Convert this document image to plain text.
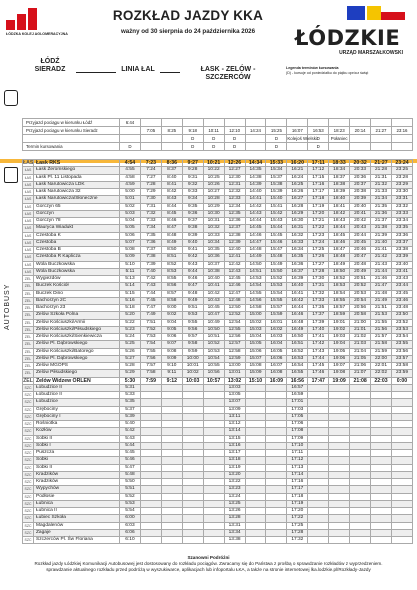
ŁÓDZKA KOLEJ AGLOMERACYJNA
ROZKŁAD JAZDY KKA
ważny od 30 sierpnia do 24 października 2026	ŁÓDZKIE
URZĄD MARSZAŁKOWSKI
ŁÓDŹ
SIERADZ	LINIA ŁAL	ŁASK - ZELÓW - SZCZERCÓW
Legenda terminów kursowania
(D) - kursuje od poniedziałku do piątku oprócz świąt
AUTOBUSY
Przyjazd pociągu w kierunku Łódź	6:44													
Przyjazd pociągu w kierunku Sieradz		7:05	8:25	9:18	10:11	12:10	14:24	15:25	16:07	16:53	18:23	20:14	21:27	23:16
				D	D	D		D	Kolejoś Wielski	D	Połaniec			
Termin kursowania	D			D	D	D		D		D				
ŁAS	Łask RKS	4:54	7:23	8:36	9:27	10:21	12:26	14:34	15:33	16:20	17:11	18:33	20:32	21:27	23:24
ŁAS	Łask Żeromskiego	4:55	7:24	8:37	9:28	10:22	12:27	14:35	15:34	16:21	17:12	18:34	20:33	21:28	23:25
ŁAS	Łask Pl. 11 Listopada	4:58	7:27	8:40	9:31	10:25	12:30	14:38	15:37	16:24	17:15	18:37	20:36	21:31	23:28
ŁAS	Łask Narutowicza LDK	4:59	7:28	8:41	9:32	10:26	12:31	14:39	15:38	16:25	17:16	18:38	20:37	21:32	23:29
ŁAS	Łask Narutowicza 32	5:00	7:29	8:42	9:33	10:27	12:32	14:40	15:39	16:26	17:17	18:39	20:38	21:33	23:30
ŁAS	Łask Narutowicza/Słoneczne	5:01	7:30	8:43	9:34	10:28	12:33	14:41	15:40	16:27	17:18	18:40	20:39	21:34	23:31
ŁAS	Gorczyn 65	5:02	7:31	8:44	9:35	10:29	12:34	14:42	15:41	16:28	17:19	18:41	20:40	21:35	23:32
ŁAS	Gorczyn	5:03	7:32	8:45	9:36	10:30	12:35	14:43	15:42	16:29	17:20	18:42	20:41	21:36	23:33
ŁAS	Gorczyn 78	5:04	7:33	8:46	9:37	10:31	12:36	14:44	15:43	16:30	17:21	18:43	20:42	21:37	23:34
ŁAS	Mauryca Wiadukt	5:05	7:34	8:47	9:38	10:32	12:37	14:45	15:44	16:31	17:22	18:44	20:43	21:38	23:35
ŁAS	Czestoba K	5:06	7:35	8:48	9:39	10:33	12:38	14:46	15:45	16:32	17:23	18:45	20:44	21:39	23:36
ŁAS	Czestoba	5:07	7:36	8:49	9:40	10:34	12:39	14:47	15:46	16:33	17:24	18:46	20:45	21:40	23:37
ŁAS	Czestoba B	5:08	7:37	8:50	9:41	10:35	12:40	14:48	15:47	16:34	17:25	18:47	20:46	21:41	23:38
ŁAS	Czestoba R Kaplicza	5:09	7:38	8:51	9:42	10:36	12:41	14:49	15:48	16:35	17:26	18:48	20:47	21:42	23:39
ŁAS	Wola Buczkowska	5:10	7:39	8:52	9:43	10:37	12:42	14:50	15:49	16:36	17:27	18:49	20:48	21:43	23:40
ŁAS	Wola Buczkowska	5:11	7:40	8:53	9:44	10:38	12:43	14:51	15:50	16:37	17:28	18:50	20:49	21:44	23:41
ZEL	Wygiezdów	5:13	7:42	8:55	9:46	10:40	12:45	14:53	15:52	16:39	17:30	18:52	20:51	21:46	23:43
ZEL	Buczek Kościół	5:14	7:43	8:56	9:47	10:41	12:46	14:54	15:53	16:40	17:31	18:53	20:52	21:47	23:44
ZEL	Buczek Dino	5:15	7:44	8:57	9:48	10:42	12:47	14:55	15:54	16:41	17:32	18:54	20:53	21:48	23:45
ZEL	Bachorzyn 2C	5:16	7:45	8:58	9:49	10:43	12:48	14:56	15:55	16:42	17:33	18:55	20:54	21:49	23:46
ZEL	Bachorzyn 23	5:18	7:47	9:00	9:51	10:45	12:50	14:58	15:57	16:44	17:35	18:57	20:56	21:51	23:48
ZEL	Zelów Szkoła Polna	5:20	7:49	9:02	9:53	10:47	12:52	15:00	15:59	16:46	17:37	18:59	20:58	21:53	23:50
ZEL	Zelów Kościuszki/Armii	5:22	7:51	9:04	9:55	10:49	12:54	15:02	16:01	16:48	17:39	19:01	21:00	21:55	23:52
ZEL	Zelów Kościuszki/Piłsudskiego	5:23	7:52	9:05	9:56	10:50	12:55	15:03	16:02	16:49	17:40	19:02	21:01	21:56	23:53
ZEL	Zelów Kościuszki/Sienkiewicza	5:24	7:53	9:06	9:57	10:51	12:56	15:04	16:03	16:50	17:41	19:03	21:02	21:57	23:54
ZEL	Zelów Pl. Dąbrowskiego	5:25	7:54	9:07	9:58	10:52	12:57	15:05	16:04	16:51	17:42	19:04	21:03	21:58	23:55
ZEL	Zelów Kościuszki/Batorego	5:26	7:55	9:08	9:59	10:53	12:58	15:06	16:05	16:52	17:43	19:05	21:04	21:59	23:56
ZEL	Zelów Pl. Dąbrowskiego	5:27	7:56	9:09	10:00	10:54	12:59	15:07	16:06	16:53	17:44	19:06	21:05	22:00	23:57
ZEL	Zelów MGOPS	5:28	7:57	9:10	10:01	10:55	13:00	15:08	16:07	16:54	17:45	19:07	21:06	22:01	23:58
ZEL	Zelów Piłsudskiego	5:29	7:58	9:11	10:02	10:56	13:01	15:09	16:08	16:55	17:46	19:08	21:07	22:02	23:59
ZEL	Zelów Widzew ORLEN	5:30	7:59	9:12	10:03	10:57	13:02	15:10	16:09	16:56	17:47	19:09	21:08	22:03	0:00
SZC	Łobudzice II	5:31					13:03			16:57					
SZC	Łobudzice II	5:33					13:05			16:59					
SZC	Łobudzice	5:35					13:07			17:01					
SZC	Grębociny	5:37					13:09			17:03					
SZC	Grębociny I	5:39					13:11			17:05					
SZC	Rośniotka	5:40					13:12			17:06					
SZC	Kozłów	5:42					13:14			17:08					
SZC	Sobki II	5:43					13:15			17:09					
SZC	Sobki I	5:44					13:16			17:10					
SZC	Puszcza	5:45					13:17			17:11					
SZC	Sobki	5:46					13:18			17:12					
SZC	Sobki II	5:47					13:19			17:13					
SZC	Kradzików	5:48					13:20			17:14					
SZC	Kradzików	5:50					13:22			17:16					
SZC	Wypychów	5:51					13:23			17:17					
SZC	Podłosie	5:52					13:24			17:18					
SZC	Łubnica	5:53					13:25			17:19					
SZC	Łubnica II	5:54					13:26			17:20					
SZC	Łubiec Szkoła	6:00					13:28			17:22					
SZC	Magdalenów	6:03					13:31			17:25					
SZC	Zagaje	6:06					13:34			17:28					
SZC	Szczerców Pl. Św Floriana	6:10					13:38			17:32					
Szanowni Podróżni
Rozkład jazdy Łódzkiej Komunikacji Autobusowej jest dostosowany do rozkładu pociągów. Zwracamy się do Państwa z prośbą o sprawdzanie rozkładów z wyprzedzeniem.
sprawdzanie aktualnego rozkładu przed podróżą w wyszukiwarce, aplikacjach lub infoportalu ŁKA, a także na stronie internetowej lka.lodzkie.pl/Rozkłady-Jazdy
